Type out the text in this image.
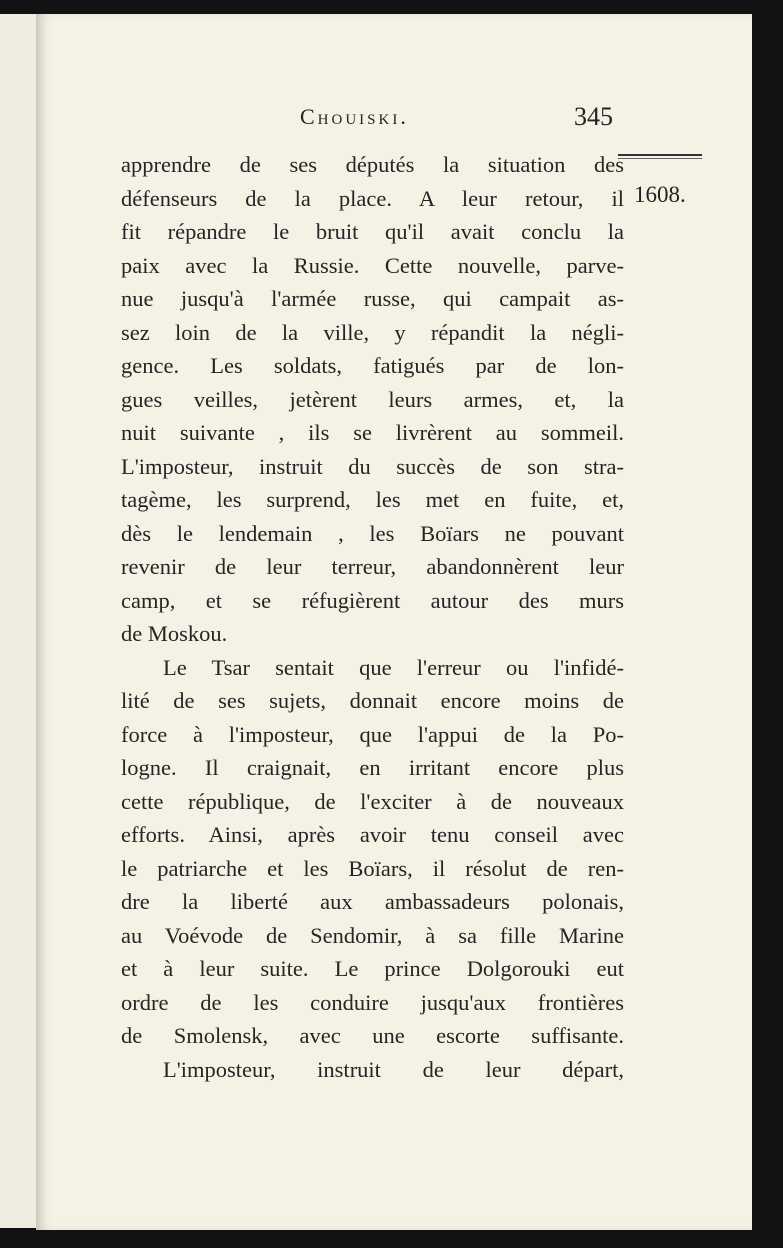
Chouiski.	345
1608.
apprendre de ses députés la situation des
défenseurs de la place. A leur retour, il
fit répandre le bruit qu'il avait conclu la
paix avec la Russie. Cette nouvelle, parve-
nue jusqu'à l'armée russe, qui campait as-
sez loin de la ville, y répandit la négli-
gence. Les soldats, fatigués par de lon-
gues veilles, jetèrent leurs armes, et, la
nuit suivante , ils se livrèrent au sommeil.
L'imposteur, instruit du succès de son stra-
tagème, les surprend, les met en fuite, et,
dès le lendemain , les Boïars ne pouvant
revenir de leur terreur, abandonnèrent leur
camp, et se réfugièrent autour des murs
de Moskou.
Le Tsar sentait que l'erreur ou l'infidé-
lité de ses sujets, donnait encore moins de
force à l'imposteur, que l'appui de la Po-
logne. Il craignait, en irritant encore plus
cette république, de l'exciter à de nouveaux
efforts. Ainsi, après avoir tenu conseil avec
le patriarche et les Boïars, il résolut de ren-
dre la liberté aux ambassadeurs polonais,
au Voévode de Sendomir, à sa fille Marine
et à leur suite. Le prince Dolgorouki eut
ordre de les conduire jusqu'aux frontières
de Smolensk, avec une escorte suffisante.
L'imposteur, instruit de leur départ,
